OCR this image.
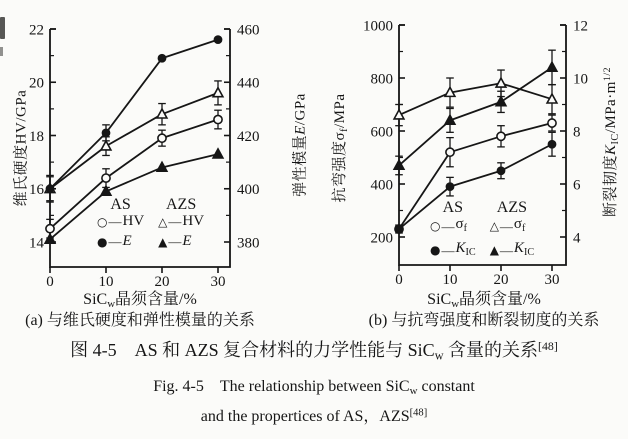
14
16
18
20
22
380
400
420
440
460
0	10	20	30
维氏硬度HV/GPa	弹性模量E/GPa
AS
○ — HV
● — E
AZS
△ — HV
▲ — E
SiC$_w$晶须含量/%
(a) 与维氏硬度和弹性模量的关系
200
400
600
800
1000
4
6
8
10
12
0	10 20 30
抗弯强度$\sigma_f$/MPa
断裂韧度$K_{IC}/MPa\cdot m^{1/2}$
AS
○ — $\sigma_f$
● — $K_{IC}$
AZS
△ — $\sigma_f$
▲ — $K_{IC}$
SiC$_w$晶须含量/%
(b) 与抗弯强度和断裂韧度的关系
图 4-5　AS 和 AZS 复合材料的力学性能与 SiC$_w$ 含量的关系[48]
Fig. 4-5　The relationship between SiC$_w$ constant
and the propertices of AS，AZS[48]
